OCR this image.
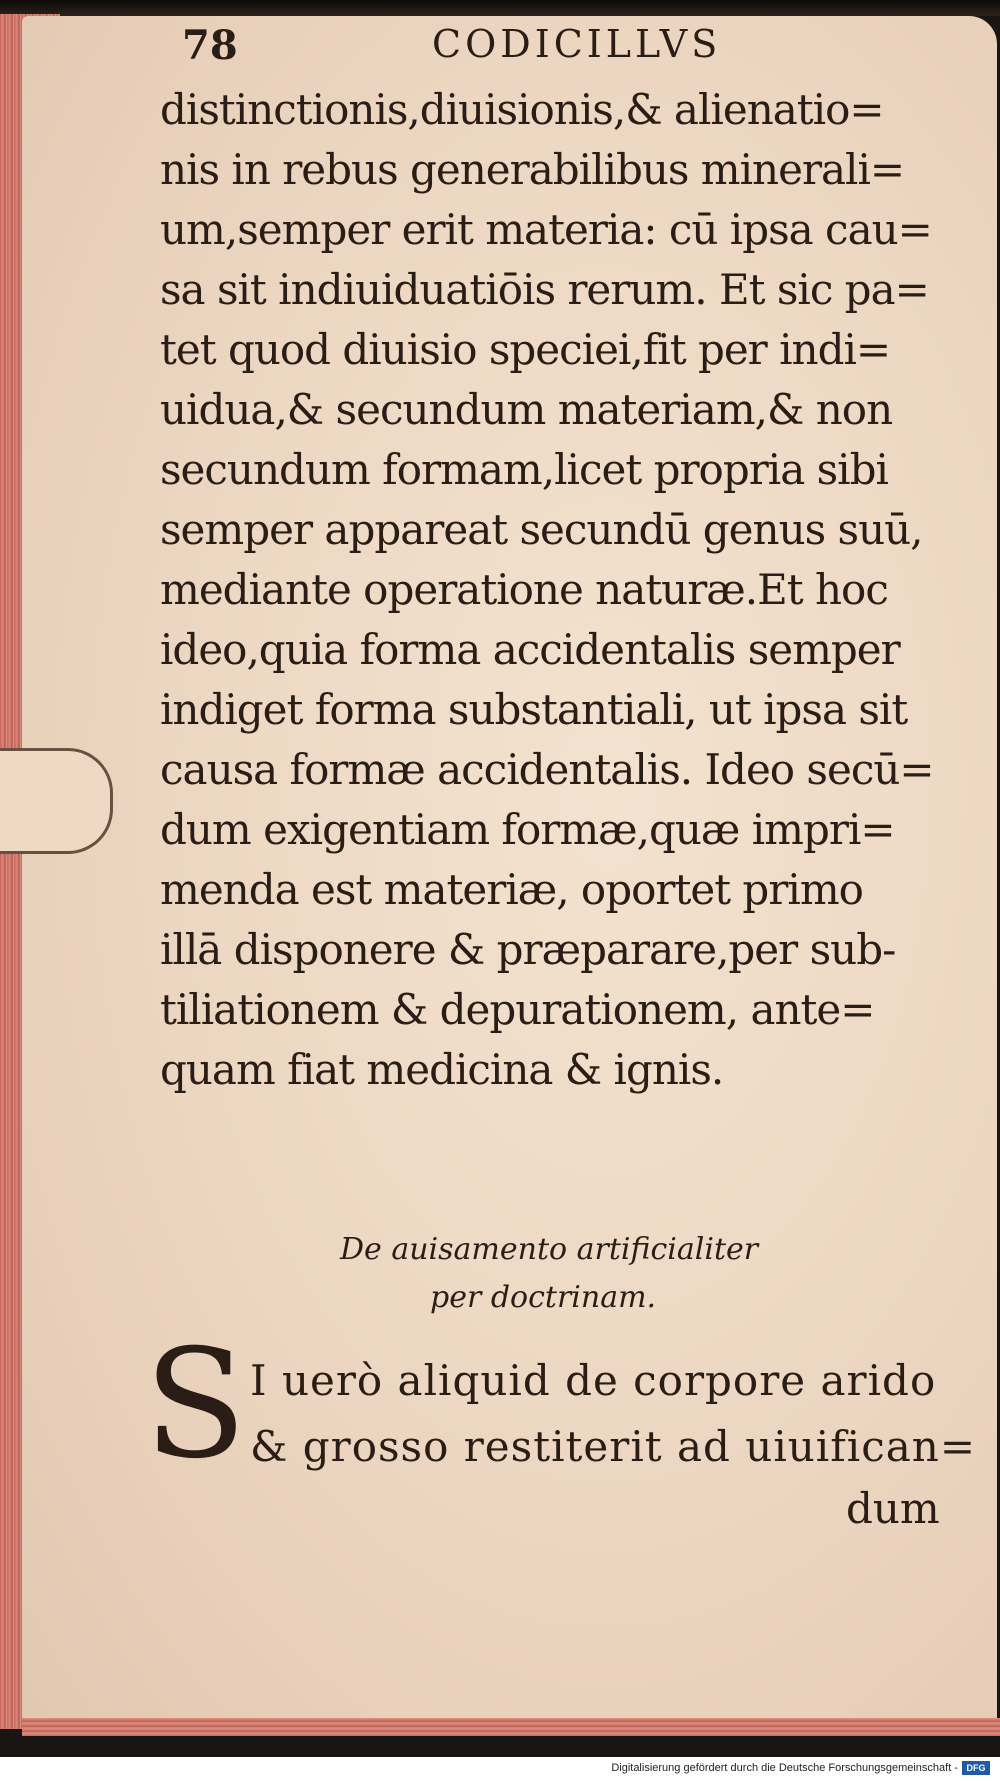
78	CODICILLVS
distinctionis,diuisionis,& alienatio=
nis in rebus generabilibus minerali=
um,semper erit materia: cū ipsa cau=
sa sit indiuiduatiōis rerum. Et sic pa=
tet quod diuisio speciei,fit per indi=
uidua,& secundum materiam,& non
secundum formam,licet propria sibi
semper appareat secundū genus suū,
mediante operatione naturæ.Et hoc
ideo,quia forma accidentalis semper
indiget forma substantiali, ut ipsa sit
causa formæ accidentalis. Ideo secū=
dum exigentiam formæ,quæ impri=
menda est materiæ, oportet primo
illā disponere & præparare,per sub-
tiliationem & depurationem, ante=
quam fiat medicina & ignis.
De auisamento artificialiter
per doctrinam.
S I uerò aliquid de corpore arido
& grosso restiterit ad uiuifican=
dum
Digitalisierung gefördert durch die Deutsche Forschungsgemeinschaft - DFG
